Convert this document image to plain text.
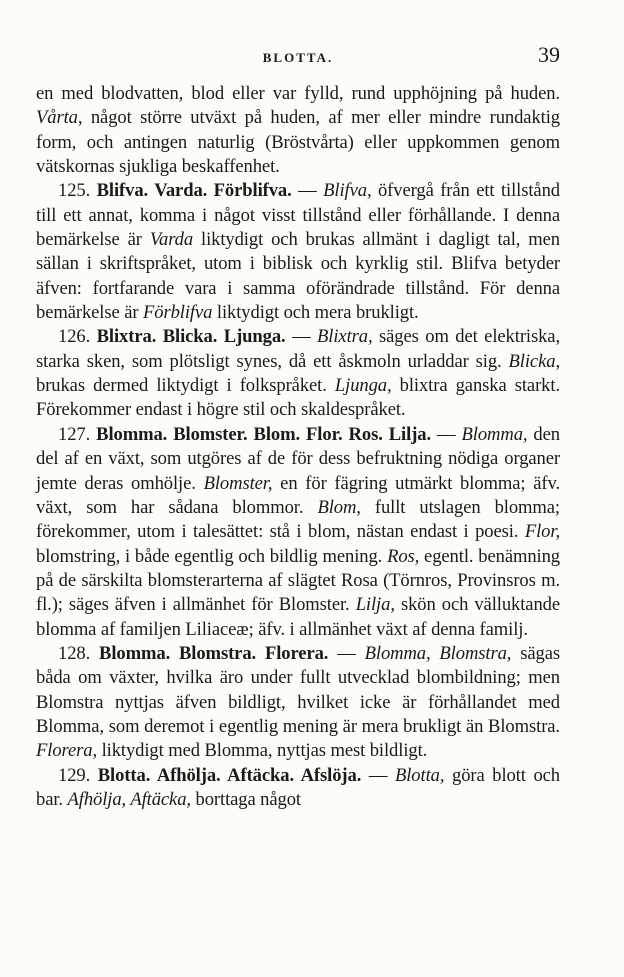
BLOTTA.	39

en med blodvatten, blod eller var fylld, rund upphöjning på huden. Vårta, något större utväxt på huden, af mer eller mindre rundaktig form, och antingen naturlig (Bröstvårta) eller uppkommen genom vätskornas sjukliga beskaffenhet.

125. Blifva. Varda. Förblifva. — Blifva, öfvergå från ett tillstånd till ett annat, komma i något visst tillstånd eller förhållande. I denna bemärkelse är Varda liktydigt och brukas allmänt i dagligt tal, men sällan i skriftspråket, utom i biblisk och kyrklig stil. Blifva betyder äfven: fortfarande vara i samma oförändrade tillstånd. För denna bemärkelse är Förblifva liktydigt och mera brukligt.

126. Blixtra. Blicka. Ljunga. — Blixtra, säges om det elektriska, starka sken, som plötsligt synes, då ett åskmoln urladdar sig. Blicka, brukas dermed liktydigt i folkspråket. Ljunga, blixtra ganska starkt. Förekommer endast i högre stil och skaldespråket.

127. Blomma. Blomster. Blom. Flor. Ros. Lilja. — Blomma, den del af en växt, som utgöres af de för dess befruktning nödiga organer jemte deras omhölje. Blomster, en för fägring utmärkt blomma; äfv. växt, som har sådana blommor. Blom, fullt utslagen blomma; förekommer, utom i talesättet: stå i blom, nästan endast i poesi. Flor, blomstring, i både egentlig och bildlig mening. Ros, egentl. benämning på de särskilta blomsterarterna af slägtet Rosa (Törnros, Provinsros m. fl.); säges äfven i allmänhet för Blomster. Lilja, skön och välluktande blomma af familjen Liliaceæ; äfv. i allmänhet växt af denna familj.

128. Blomma. Blomstra. Florera. — Blomma, Blomstra, sägas båda om växter, hvilka äro under fullt utvecklad blombildning; men Blomstra nyttjas äfven bildligt, hvilket icke är förhållandet med Blomma, som deremot i egentlig mening är mera brukligt än Blomstra. Florera, liktydigt med Blomma, nyttjas mest bildligt.

129. Blotta. Afhölja. Aftäcka. Afslöja. — Blotta, göra blott och bar. Afhölja, Aftäcka, borttaga något
